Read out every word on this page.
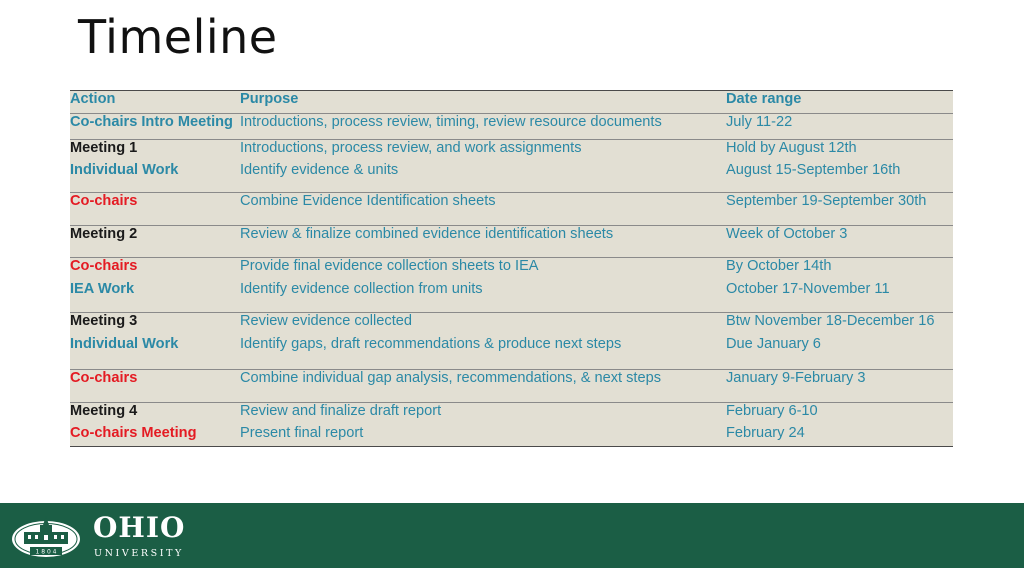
Timeline
Action	Purpose	Date range
Co-chairs Intro Meeting	Introductions, process review, timing, review resource documents	July 11-22
Meeting 1	Introductions, process review, and work assignments	Hold by August 12th
Individual Work	Identify evidence & units	August 15-September 16th
Co-chairs	Combine Evidence Identification sheets	September 19-September 30th
Meeting 2	Review & finalize combined evidence identification sheets	Week of October 3
Co-chairs	Provide final evidence collection sheets to IEA	By October 14th
IEA Work	Identify evidence collection from units	October 17-November 11
Meeting 3	Review evidence collected	Btw November 18-December 16
Individual Work	Identify gaps, draft recommendations & produce next steps	Due January 6
Co-chairs	Combine individual gap analysis, recommendations, & next steps	January 9-February 3
Meeting 4	Review and finalize draft report	February 6-10
Co-chairs Meeting	Present final report	February 24
1 8 0 4
OHIO
UNIVERSITY
